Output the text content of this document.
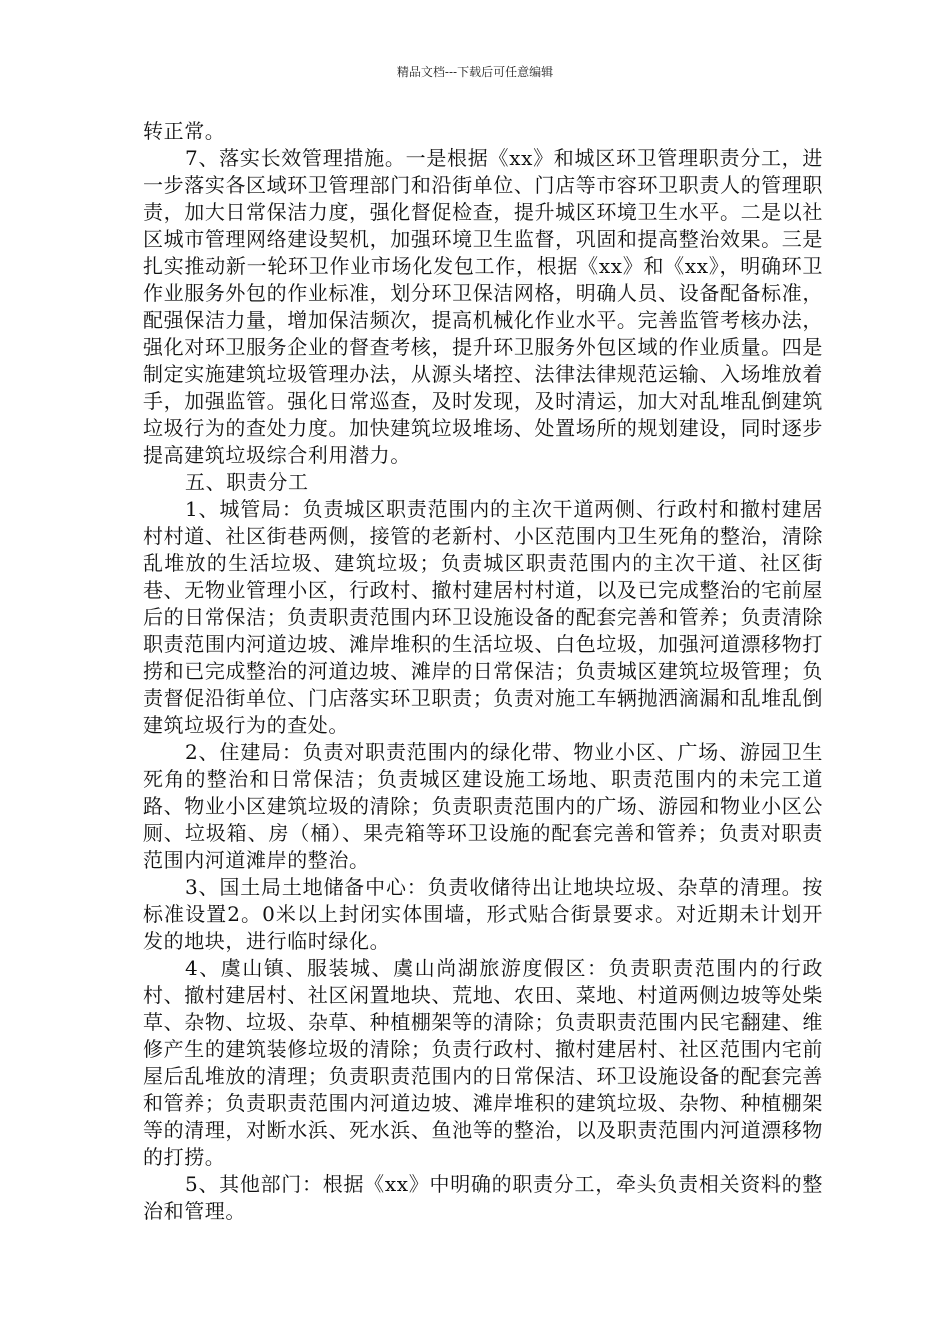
精品文档---下载后可任意编辑

转正常。

7、落实长效管理措施。一是根据《xx》和城区环卫管理职责分工，进一步落实各区域环卫管理部门和沿街单位、门店等市容环卫职责人的管理职责，加大日常保洁力度，强化督促检查，提升城区环境卫生水平。二是以社区城市管理网络建设契机，加强环境卫生监督，巩固和提高整治效果。三是扎实推动新一轮环卫作业市场化发包工作，根据《xx》和《xx》，明确环卫作业服务外包的作业标准，划分环卫保洁网格，明确人员、设备配备标准，配强保洁力量，增加保洁频次，提高机械化作业水平。完善监管考核办法，强化对环卫服务企业的督查考核，提升环卫服务外包区域的作业质量。四是制定实施建筑垃圾管理办法，从源头堵控、法律法律规范运输、入场堆放着手，加强监管。强化日常巡查，及时发现，及时清运，加大对乱堆乱倒建筑垃圾行为的查处力度。加快建筑垃圾堆场、处置场所的规划建设，同时逐步提高建筑垃圾综合利用潜力。

五、职责分工

1、城管局：负责城区职责范围内的主次干道两侧、行政村和撤村建居村村道、社区街巷两侧，接管的老新村、小区范围内卫生死角的整治，清除乱堆放的生活垃圾、建筑垃圾；负责城区职责范围内的主次干道、社区街巷、无物业管理小区，行政村、撤村建居村村道，以及已完成整治的宅前屋后的日常保洁；负责职责范围内环卫设施设备的配套完善和管养；负责清除职责范围内河道边坡、滩岸堆积的生活垃圾、白色垃圾，加强河道漂移物打捞和已完成整治的河道边坡、滩岸的日常保洁；负责城区建筑垃圾管理；负责督促沿街单位、门店落实环卫职责；负责对施工车辆抛洒滴漏和乱堆乱倒建筑垃圾行为的查处。

2、住建局：负责对职责范围内的绿化带、物业小区、广场、游园卫生死角的整治和日常保洁；负责城区建设施工场地、职责范围内的未完工道路、物业小区建筑垃圾的清除；负责职责范围内的广场、游园和物业小区公厕、垃圾箱、房（桶）、果壳箱等环卫设施的配套完善和管养；负责对职责范围内河道滩岸的整治。

3、国土局土地储备中心：负责收储待出让地块垃圾、杂草的清理。按标准设置2。0米以上封闭实体围墙，形式贴合街景要求。对近期未计划开发的地块，进行临时绿化。

4、虞山镇、服装城、虞山尚湖旅游度假区：负责职责范围内的行政村、撤村建居村、社区闲置地块、荒地、农田、菜地、村道两侧边坡等处柴草、杂物、垃圾、杂草、种植棚架等的清除；负责职责范围内民宅翻建、维修产生的建筑装修垃圾的清除；负责行政村、撤村建居村、社区范围内宅前屋后乱堆放的清理；负责职责范围内的日常保洁、环卫设施设备的配套完善和管养；负责职责范围内河道边坡、滩岸堆积的建筑垃圾、杂物、种植棚架等的清理，对断水浜、死水浜、鱼池等的整治，以及职责范围内河道漂移物的打捞。

5、其他部门：根据《xx》中明确的职责分工，牵头负责相关资料的整治和管理。
